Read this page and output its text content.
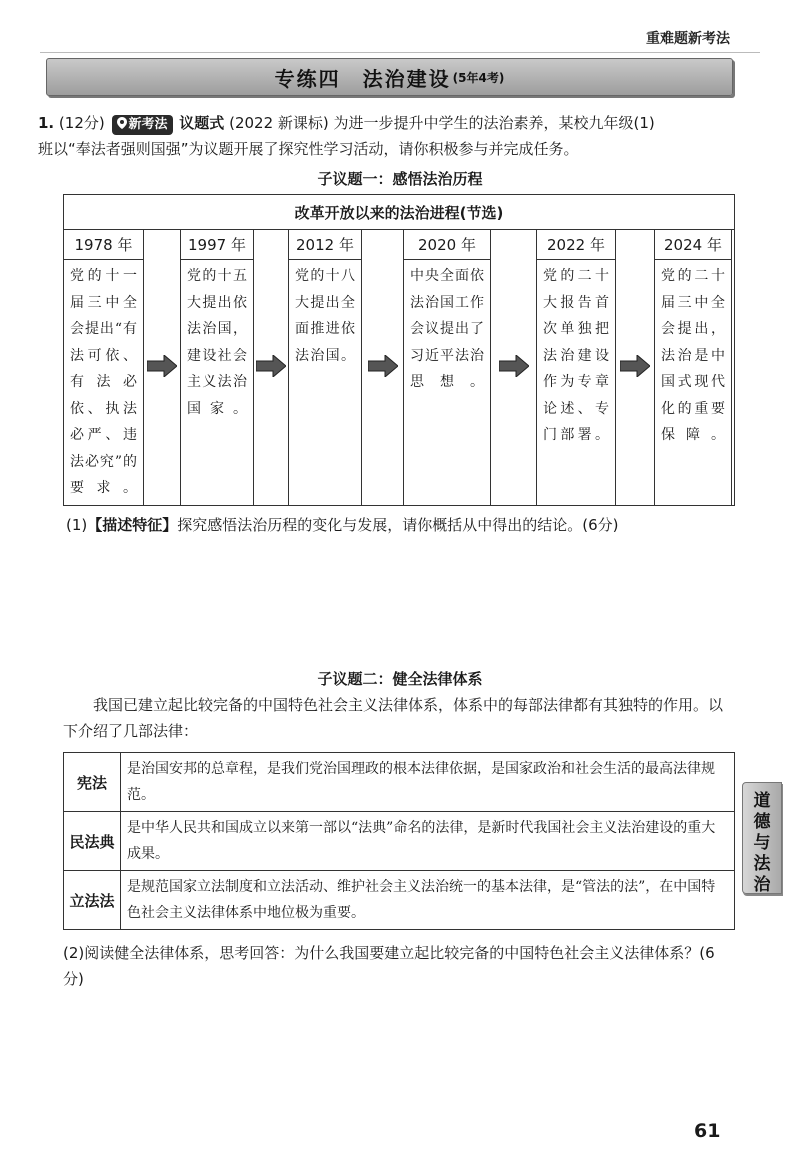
重难题新考法
专练四　法治建设 (5年4考)
1. (12分) 新考法 议题式 (2022 新课标) 为进一步提升中学生的法治素养，某校九年级(1)
班以“奉法者强则国强”为议题开展了探究性学习活动，请你积极参与并完成任务。
子议题一：感悟法治历程
改革开放以来的法治进程(节选)
1978 年
党的十一届三中全会提出“有法可依、有法必依、执法必严、违法必究”的要求。
1997 年
党的十五大提出依法治国，建设社会主义法治国家。
2012 年
党的十八大提出全面推进依法治国。
2020 年
中央全面依法治国工作会议提出了习近平法治思想。
2022 年
党的二十大报告首次单独把法治建设作为专章论述、专门部署。
2024 年
党的二十届三中全会提出，法治是中国式现代化的重要保障。
(1)【描述特征】探究感悟法治历程的变化与发展，请你概括从中得出的结论。(6分)
子议题二：健全法律体系
我国已建立起比较完备的中国特色社会主义法律体系，体系中的每部法律都有其独特的作用。以下介绍了几部法律：
宪法	是治国安邦的总章程，是我们党治国理政的根本法律依据，是国家政治和社会生活的最高法律规范。
民法典	是中华人民共和国成立以来第一部以“法典”命名的法律，是新时代我国社会主义法治建设的重大成果。
立法法	是规范国家立法制度和立法活动、维护社会主义法治统一的基本法律，是“管法的法”，在中国特色社会主义法律体系中地位极为重要。
道德与法治
(2)阅读健全法律体系，思考回答：为什么我国要建立起比较完备的中国特色社会主义法律体系？(6分)
61
